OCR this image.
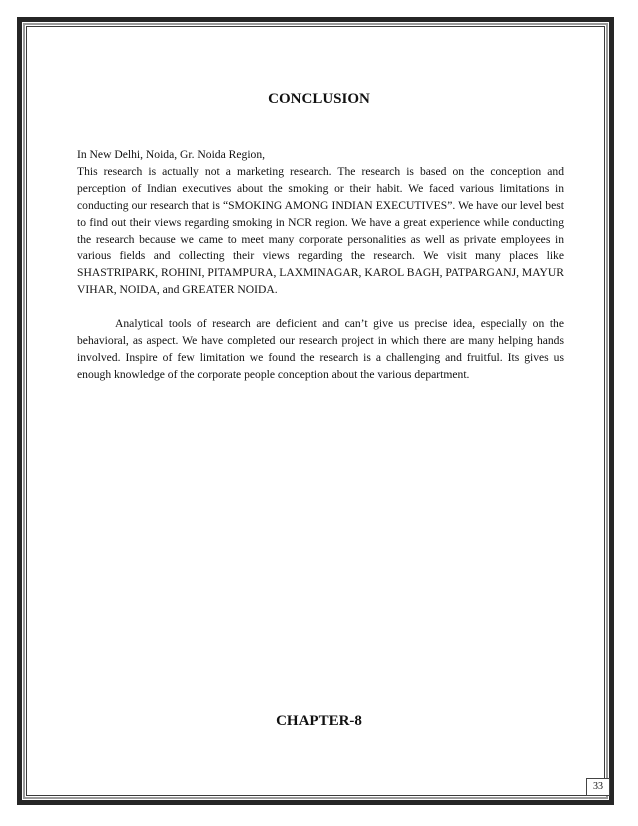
CONCLUSION

In New Delhi, Noida, Gr. Noida Region,

This research is actually not a marketing research. The research is based on the conception and perception of Indian executives about the smoking or their habit. We faced various limitations in conducting our research that is “SMOKING AMONG INDIAN EXECUTIVES”. We have our level best to find out their views regarding smoking in NCR region. We have a great experience while conducting the research because we came to meet many corporate personalities as well as private employees in various fields and collecting their views regarding the research. We visit many places like SHASTRIPARK, ROHINI, PITAMPURA, LAXMINAGAR, KAROL BAGH, PATPARGANJ, MAYUR VIHAR, NOIDA, and GREATER NOIDA.

Analytical tools of research are deficient and can’t give us precise idea, especially on the behavioral, as aspect. We have completed our research project in which there are many helping hands involved. Inspire of few limitation we found the research is a challenging and fruitful. Its gives us enough knowledge of the corporate people conception about the various department.

CHAPTER-8
33
